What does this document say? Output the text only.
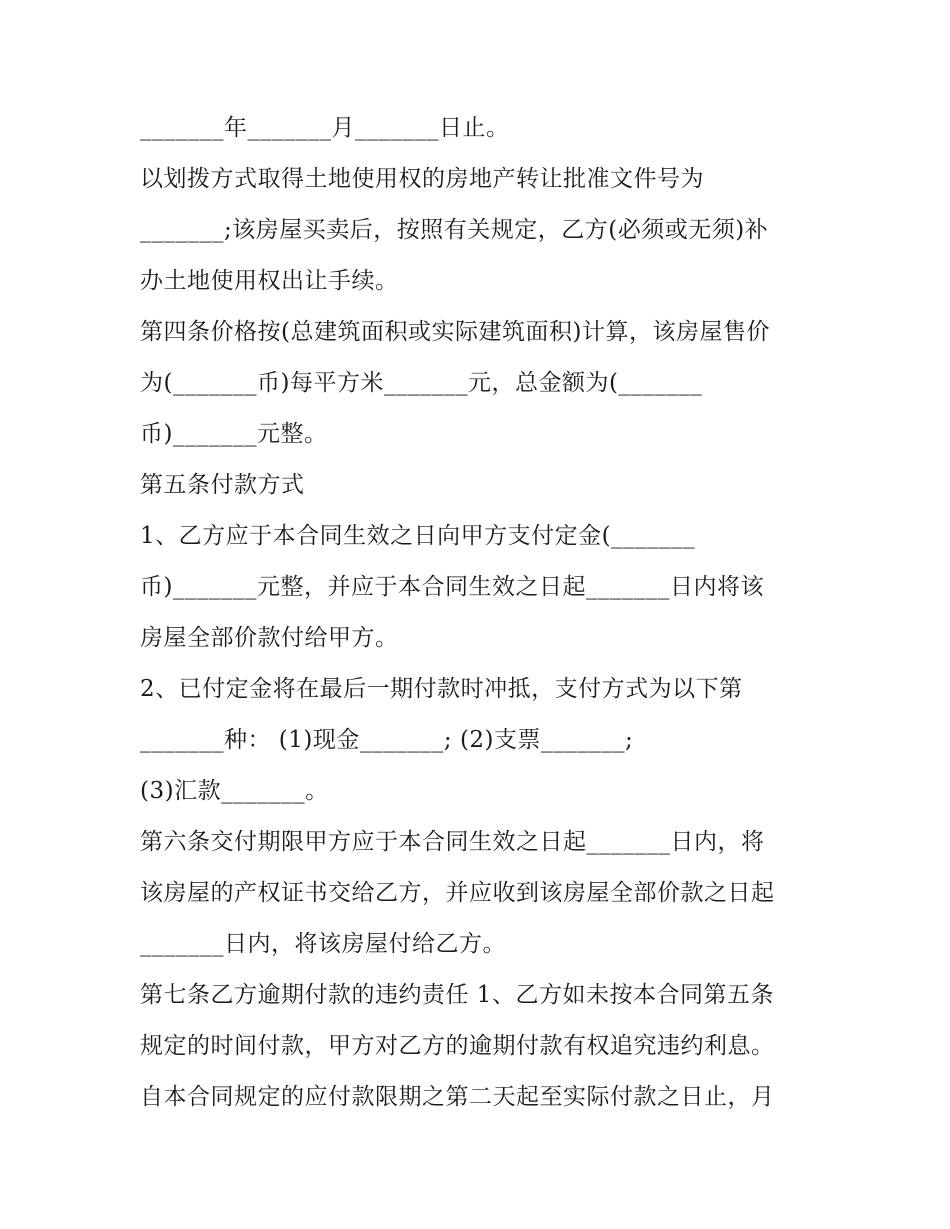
_______年_______月_______日止。
以划拨方式取得土地使用权的房地产转让批准文件号为
_______;该房屋买卖后，按照有关规定，乙方(必须或无须)补
办土地使用权出让手续。
第四条价格按(总建筑面积或实际建筑面积)计算，该房屋售价
为(_______币)每平方米_______元，总金额为(_______
币)_______元整。
第五条付款方式
1、乙方应于本合同生效之日向甲方支付定金(_______
币)_______元整，并应于本合同生效之日起_______日内将该
房屋全部价款付给甲方。
2、已付定金将在最后一期付款时冲抵，支付方式为以下第
_______种： (1)现金_______; (2)支票_______;
(3)汇款_______。
第六条交付期限甲方应于本合同生效之日起_______日内，将
该房屋的产权证书交给乙方，并应收到该房屋全部价款之日起
_______日内，将该房屋付给乙方。
第七条乙方逾期付款的违约责任 1、乙方如未按本合同第五条
规定的时间付款，甲方对乙方的逾期付款有权追究违约利息。
自本合同规定的应付款限期之第二天起至实际付款之日止，月
